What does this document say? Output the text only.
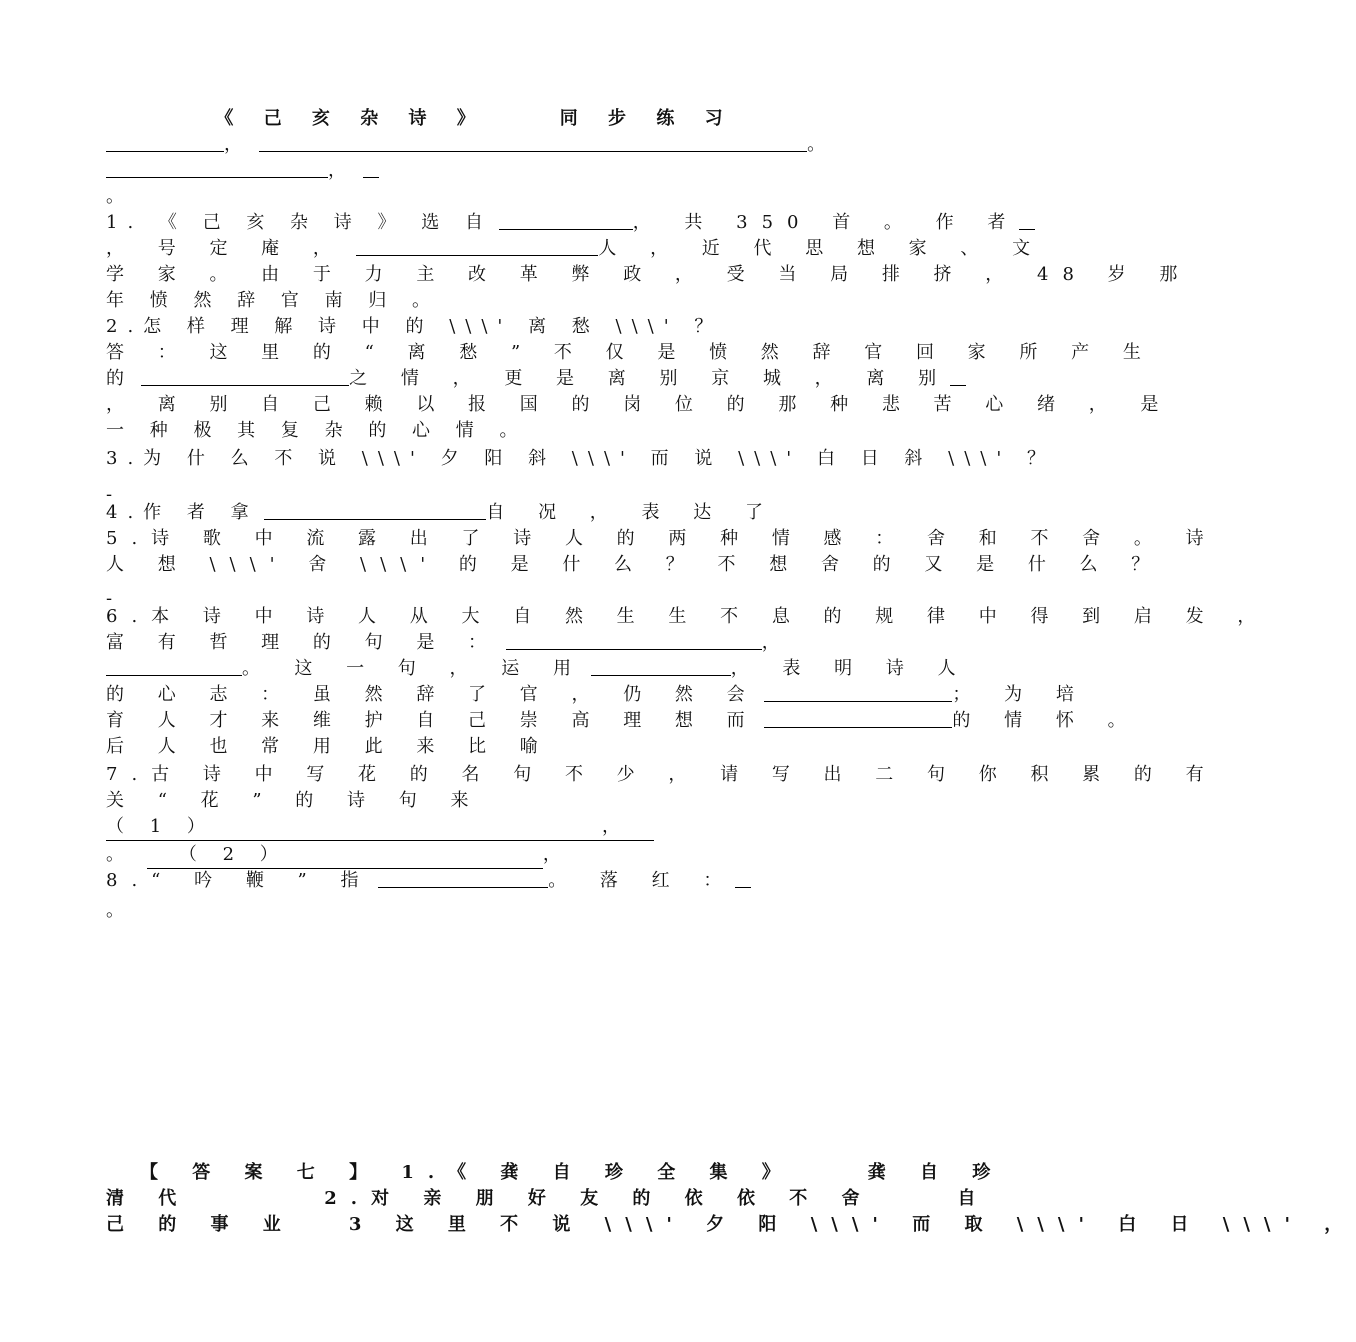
《 己 亥 杂 诗 》    同 步 练 习
，	。
，
。
1. 《 己 亥 杂 诗 》 选 自	， 共 350 首 。 作 者
， 号 定 庵 ，	人 ， 近 代 思 想 家 、 文
学 家 。 由 于 力 主 改 革 弊 政 ， 受 当 局 排 挤 ， 48 岁 那
年 愤 然 辞 官 南 归 。
2.怎 样 理 解 诗 中 的 \\\' 离 愁 \\\' ？
答 ： 这 里 的 “ 离 愁 ” 不 仅 是 愤 然 辞 官 回 家 所 产 生
的	之 情 ， 更 是 离 别 京 城 ， 离 别
， 离 别 自 己 赖 以 报 国 的 岗 位 的 那 种 悲 苦 心 绪 ， 是
一 种 极 其 复 杂 的 心 情 。
3.为 什 么 不 说 \\\' 夕 阳 斜 \\\' 而 说 \\\' 白 日 斜 \\\' ？
-
4.作 者 拿	自 况 ， 表 达 了
5.诗 歌 中 流 露 出 了 诗 人 的 两 种 情 感 ： 舍 和 不 舍 。 诗
人 想 \\\' 舍 \\\' 的 是 什 么 ？ 不 想 舍 的 又 是 什 么 ？
-
6.本 诗 中 诗 人 从 大 自 然 生 生 不 息 的 规 律 中 得 到 启 发 ，
富 有 哲 理 的 句 是 ：	，
。 这 一 句 ， 运 用	， 表 明 诗 人
的 心 志 ： 虽 然 辞 了 官 ， 仍 然 会	； 为 培
育 人 才 来 维 护 自 己 崇 高 理 想 而	的 情 怀 。
后 人 也 常 用 此 来 比 喻
7.古 诗 中 写 花 的 名 句 不 少 ， 请 写 出 二 句 你 积 累 的 有
关 “ 花 ” 的 诗 句 来
（ 1 ）	，
。	（ 2 ）	，
8.“ 吟 鞭 ” 指	。 落 红 ：
。
【 答 案 七 】 1.《 龚 自 珍 全 集 》	龚 自 珍
清 代	2.对 亲 朋 好 友 的 依 依 不 舍	自
己 的 事 业	3 这 里 不 说 \\\' 夕 阳 \\\' 而 取 \\\' 白 日 \\\' ，
